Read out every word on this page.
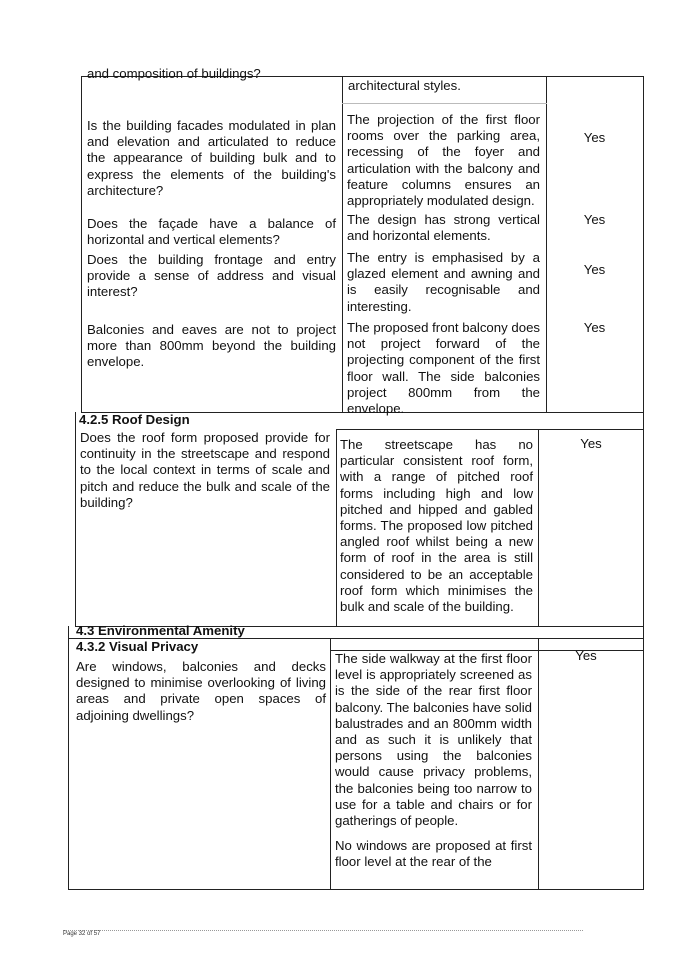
and composition of buildings?
architectural styles.
Is the building facades modulated in plan and elevation and articulated to reduce the appearance of building bulk and to express the elements of the building's architecture?
The projection of the first floor rooms over the parking area, recessing of the foyer and articulation with the balcony and feature columns ensures an appropriately modulated design.
Yes
Does the façade have a balance of horizontal and vertical elements?
The design has strong vertical and horizontal elements.
Yes
Does the building frontage and entry provide a sense of address and visual interest?
The entry is emphasised by a glazed element and awning and is easily recognisable and interesting.
Yes
Balconies and eaves are not to project more than 800mm beyond the building envelope.
The proposed front balcony does not project forward of the projecting component of the first floor wall. The side balconies project 800mm from the envelope.
Yes
4.2.5 Roof Design
Does the roof form proposed provide for continuity in the streetscape and respond to the local context in terms of scale and pitch and reduce the bulk and scale of the building?
The streetscape has no particular consistent roof form, with a range of pitched roof forms including high and low pitched and hipped and gabled forms. The proposed low pitched angled roof whilst being a new form of roof in the area is still considered to be an acceptable roof form which minimises the bulk and scale of the building.
Yes
4.3 Environmental Amenity
4.3.2 Visual Privacy
Are windows, balconies and decks designed to minimise overlooking of living areas and private open spaces of adjoining dwellings?

The side walkway at the first floor level is appropriately screened as is the side of the rear first floor balcony. The balconies have solid balustrades and an 800mm width and as such it is unlikely that persons using the balconies would cause privacy problems, the balconies being too narrow to use for a table and chairs or for gatherings of people.

No windows are proposed at first floor level at the rear of the

Yes
Page 32 of 57
